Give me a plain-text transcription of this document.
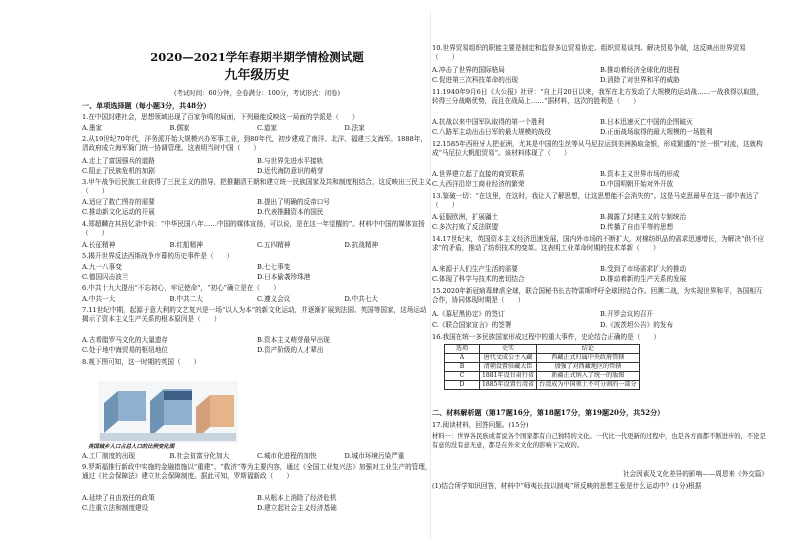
2020—2021学年春期半期学情检测试题
九年级历史
(考试时间：60分钟，全卷满分：100分，考试形式：闭卷)
一、单项选择题（每小题3分，共48分）
1.在中国封建社会，思想领域出现了百家争鸣的局面，下列最能反映这一局面的学派是（　　）
A.墨家	B.儒家	C.道家	D.法家
2.从19世纪70年代，洋务派开始大规模兴办军事工业，到80年代，初步建成了南洋、北洋、福建三支海军。1888年，清政府成立海军衙门统一协调管理。这表明当时中国（　　）
A.走上了富国强兵的道路	B.与世界先进水平接轨
C.阻止了民族危机的加剧	D.近代海防意识的萌芽
3.甲午战争后民族工业获得了三民主义的指导，把推翻清王朝和建立统一民族国家及共和制度相结合，这反映出三民主义（　　）
A.适应了救亡图存的需要	B.提出了明确的反帝口号
C.推动新文化运动的开展	D.代表推翻资本的国民
4.郑超麟在其回忆录中说：“中华民国八年……中国的媒体宣扬，可以说，是在这一年觉醒的”。材料中中国的媒体宣扬（　　）
A.长征精神	B.红船精神	C.五四精神	D.抗战精神
5.揭开世界反法西斯战争序幕的历史事件是（　　）
A.九一八事变	B.七七事变
C.德国闪击波兰	D.日本偷袭珍珠港
6.中共十九大提出“不忘初心，牢记使命”，“初心”确立是在（　　）
A.中共一大	B.中共二大	C.遵义会议	D.中共七大
7.11世纪中期，起源于意大利的文艺复兴是一场“以人为本”的新文化运动，并逐渐扩展到法国、英国等国家，这场运动揭示了资本主义生产关系的根本原因是（　　）
A.古希腊罗马文化的大量遗存	B.资本主义萌芽最早出现
C.处于地中海贸易的枢纽地位	D.资产阶级的人才辈出
8.观下图可知，这一时期的英国（　　）
英国城乡人口占总人口的比例变化图
A.工厂制度的出现	B.社会贫富分化加大	C.城市化进程的加快	D.城市环境污染严重
9.罗斯福推行新政中实施的金融措施以“重建”、“救济”等为主要内容，通过《全国工业复兴法》加强对工业生产的管理，通过《社会保障法》建立社会保障制度。据此可知，罗斯福新政（　　）
A.延续了自由放任的政策	B.从根本上消除了经济危机
C.注重立法和制度建设	D.建立起社会主义经济基础
10.世界贸易组织的职能主要是制定和监督多边贸易协定、组织贸易谈判、解决贸易争端，这反映出世界贸易（　　）
A.冲击了世界的国际格局	B.推动着经济全球化的进程
C.促进第三次科技革命的出现	D.消除了对世界和平的威胁
11.1940年9月6日《大公报》社评：“自上月20日以来，我军在北方发动了大规模的运动战……一战我得以取胜，转得三分战略优势，而且在战局上……”据材料，这次的胜利是（　　）
A.抗战以来中国军队取得的第一个胜利	B.日本迅速灭亡中国的企图破灭
C.八路军主动出击日军的最大规模的战役	D.正面战场取得的最大规模的一场胜利
12.1585年西班牙人把亚洲，尤其是中国的生丝等从马尼拉运到美洲换取金银，形成繁盛的“丝一银”对流，这就构成“马尼拉大帆船贸易”。该材料体现了（　　）
A.世界建立起了直接的商贸联系	B.资本主义世界市场的形成
C.大西洋沿岸工商业经济的繁荣	D.中国明朝开始对外开放
13.鉴破一切：“在这里，在这时，我让人了解思想，让这思想能不会消失的”。这是马克思最早在这一部中表达了（　　）
A.征服欧洲，扩展疆土	B.揭露了封建主义的专制统治
C.多次打败了反法联盟	D.传播了自由平等的思想
14.17世纪末，英国资本主义经济迅速发展，国内外市场的不断扩大，对棉纺织品的需求迅速增长，为解决“供不应求”的矛盾，推动了纺织技术的变革。这表明工业革命时期的技术革新（　　）
A.来源于人们生产生活的需要	B.受到了市场需求扩大的推动
C.体现了科学与技术的密切结合	D.推动着新的生产关系的发展
15.2020年新冠病毒肆虐全球，联合国秘书长古特雷斯呼吁全球团结合作。回溯二战，为实现世界和平，各国相互合作，协同体现时期是（　　）
A.《慕尼黑协定》的签订	B.开罗会议的召开
C.《联合国家宣言》的签署	D.《波茨坦公告》的发布
16.我国在统一多民族国家形成过程中的重大事件，史论结合正确的是（　　）
选项	史实	结论
A	唐代文成公主入藏	西藏正式归属中央政府管辖
B	清朝设置驻藏大臣	加强了对西藏地区的管辖
C	1881年设甘肃行省	新疆正式纳入了统一的版图
D	1885年设置台湾省	台湾成为中国领土不可分割的一部分
二、材料解析题（第17题16分，第18题17分，第19题20分，共52分）
17.阅读材料，回答问题。(15分)
材料一：世界各民族或者说各个国家都有自己独特的文化。一代比一代更新的过程中，也是各方面都不断进步的，不论是有意的没有意无意，都是在外来文化的影响下完成的。
社会因素及文化差异的影响——周恩来《外交篇》
(1)结合所学知识回答，材料中“师夷长技以制夷”所反映的思想主张是什么运动中？(1分)根据
